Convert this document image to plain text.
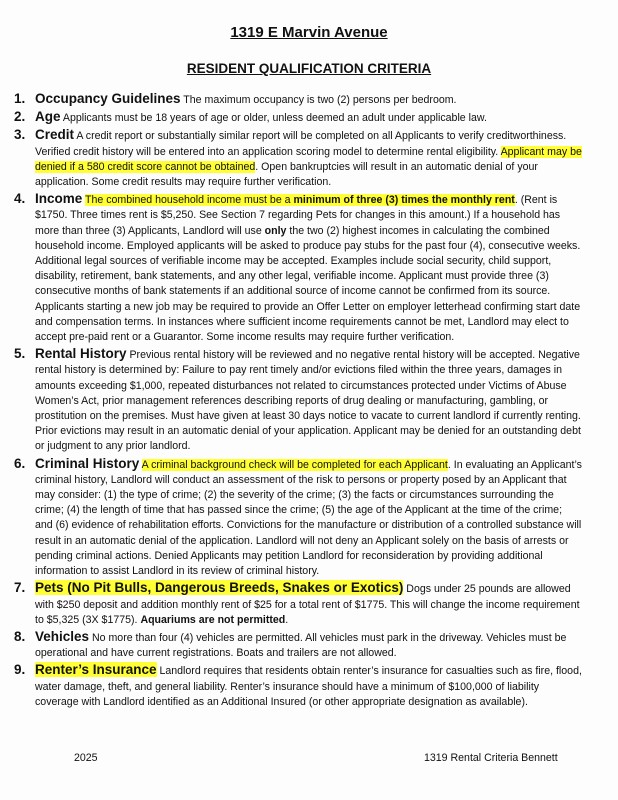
1319 E Marvin Avenue
RESIDENT QUALIFICATION CRITERIA
1. Occupancy Guidelines The maximum occupancy is two (2) persons per bedroom.
2. Age Applicants must be 18 years of age or older, unless deemed an adult under applicable law.
3. Credit A credit report or substantially similar report will be completed on all Applicants to verify creditworthiness. Verified credit history will be entered into an application scoring model to determine rental eligibility. Applicant may be denied if a 580 credit score cannot be obtained. Open bankruptcies will result in an automatic denial of your application. Some credit results may require further verification.
4. Income The combined household income must be a minimum of three (3) times the monthly rent. (Rent is $1750. Three times rent is $5,250. See Section 7 regarding Pets for changes in this amount.) If a household has more than three (3) Applicants, Landlord will use only the two (2) highest incomes in calculating the combined household income. Employed applicants will be asked to produce pay stubs for the past four (4), consecutive weeks. Additional legal sources of verifiable income may be accepted. Examples include social security, child support, disability, retirement, bank statements, and any other legal, verifiable income. Applicant must provide three (3) consecutive months of bank statements if an additional source of income cannot be confirmed from its source. Applicants starting a new job may be required to provide an Offer Letter on employer letterhead confirming start date and compensation terms. In instances where sufficient income requirements cannot be met, Landlord may elect to accept pre-paid rent or a Guarantor. Some income results may require further verification.
5. Rental History Previous rental history will be reviewed and no negative rental history will be accepted. Negative rental history is determined by: Failure to pay rent timely and/or evictions filed within the three years, damages in amounts exceeding $1,000, repeated disturbances not related to circumstances protected under Victims of Abuse Women’s Act, prior management references describing reports of drug dealing or manufacturing, gambling, or prostitution on the premises. Must have given at least 30 days notice to vacate to current landlord if currently renting. Prior evictions may result in an automatic denial of your application. Applicant may be denied for an outstanding debt or judgment to any prior landlord.
6. Criminal History A criminal background check will be completed for each Applicant. In evaluating an Applicant’s criminal history, Landlord will conduct an assessment of the risk to persons or property posed by an Applicant that may consider: (1) the type of crime; (2) the severity of the crime; (3) the facts or circumstances surrounding the crime; (4) the length of time that has passed since the crime; (5) the age of the Applicant at the time of the crime; and (6) evidence of rehabilitation efforts. Convictions for the manufacture or distribution of a controlled substance will result in an automatic denial of the application. Landlord will not deny an Applicant solely on the basis of arrests or pending criminal actions. Denied Applicants may petition Landlord for reconsideration by providing additional information to assist Landlord in its review of criminal history.
7. Pets (No Pit Bulls, Dangerous Breeds, Snakes or Exotics) Dogs under 25 pounds are allowed with $250 deposit and addition monthly rent of $25 for a total rent of $1775. This will change the income requirement to $5,325 (3X $1775). Aquariums are not permitted.
8. Vehicles No more than four (4) vehicles are permitted. All vehicles must park in the driveway. Vehicles must be operational and have current registrations. Boats and trailers are not allowed.
9. Renter’s Insurance Landlord requires that residents obtain renter’s insurance for casualties such as fire, flood, water damage, theft, and general liability. Renter’s insurance should have a minimum of $100,000 of liability coverage with Landlord identified as an Additional Insured (or other appropriate designation as available).
2025	1319 Rental Criteria Bennett
